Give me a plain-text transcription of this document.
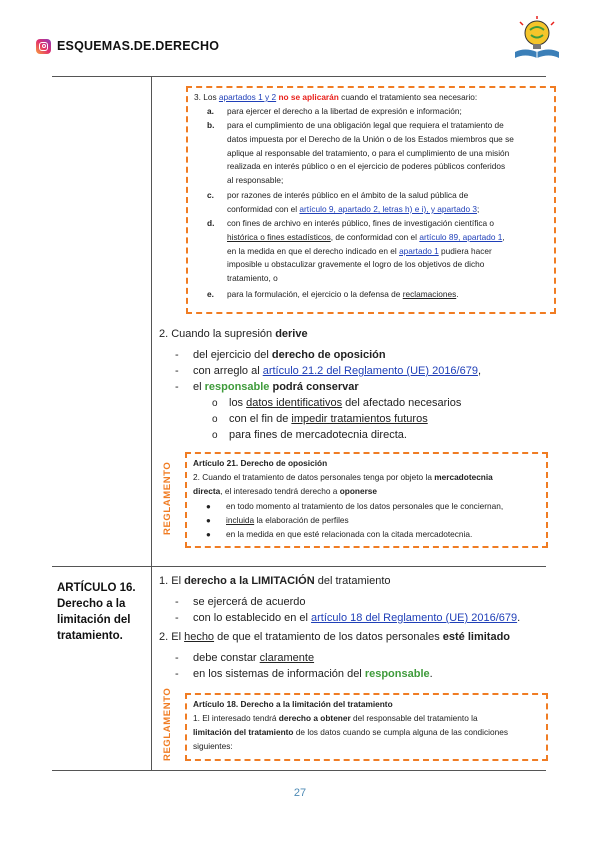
ESQUEMAS.DE.DERECHO
3. Los apartados 1 y 2 no se aplicarán cuando el tratamiento sea necesario:
a. para ejercer el derecho a la libertad de expresión e información;
b. para el cumplimiento de una obligación legal que requiera el tratamiento de
datos impuesta por el Derecho de la Unión o de los Estados miembros que se
aplique al responsable del tratamiento, o para el cumplimiento de una misión
realizada en interés público o en el ejercicio de poderes públicos conferidos
al responsable;
c. por razones de interés público en el ámbito de la salud pública de
conformidad con el artículo 9, apartado 2, letras h) e i), y apartado 3;
d. con fines de archivo en interés público, fines de investigación científica o
histórica o fines estadísticos, de conformidad con el artículo 89, apartado 1,
en la medida en que el derecho indicado en el apartado 1 pudiera hacer
imposible u obstaculizar gravemente el logro de los objetivos de dicho
tratamiento, o
e. para la formulación, el ejercicio o la defensa de reclamaciones.
2. Cuando la supresión derive
- del ejercicio del derecho de oposición
- con arreglo al artículo 21.2 del Reglamento (UE) 2016/679,
- el responsable podrá conservar
o los datos identificativos del afectado necesarios
o con el fin de impedir tratamientos futuros
o para fines de mercadotecnia directa.
REGLAMENTO Artículo 21. Derecho de oposición
2. Cuando el tratamiento de datos personales tenga por objeto la mercadotecnia
directa, el interesado tendrá derecho a oponerse
● en todo momento al tratamiento de los datos personales que le conciernan,
● incluida la elaboración de perfiles
● en la medida en que esté relacionada con la citada mercadotecnia.
ARTÍCULO 16. Derecho a la limitación del tratamiento.
1. El derecho a la LIMITACIÓN del tratamiento
- se ejercerá de acuerdo
- con lo establecido en el artículo 18 del Reglamento (UE) 2016/679.
2. El hecho de que el tratamiento de los datos personales esté limitado
- debe constar claramente
- en los sistemas de información del responsable.
REGLAMENTO Artículo 18. Derecho a la limitación del tratamiento
1. El interesado tendrá derecho a obtener del responsable del tratamiento la
limitación del tratamiento de los datos cuando se cumpla alguna de las condiciones
siguientes:
27
